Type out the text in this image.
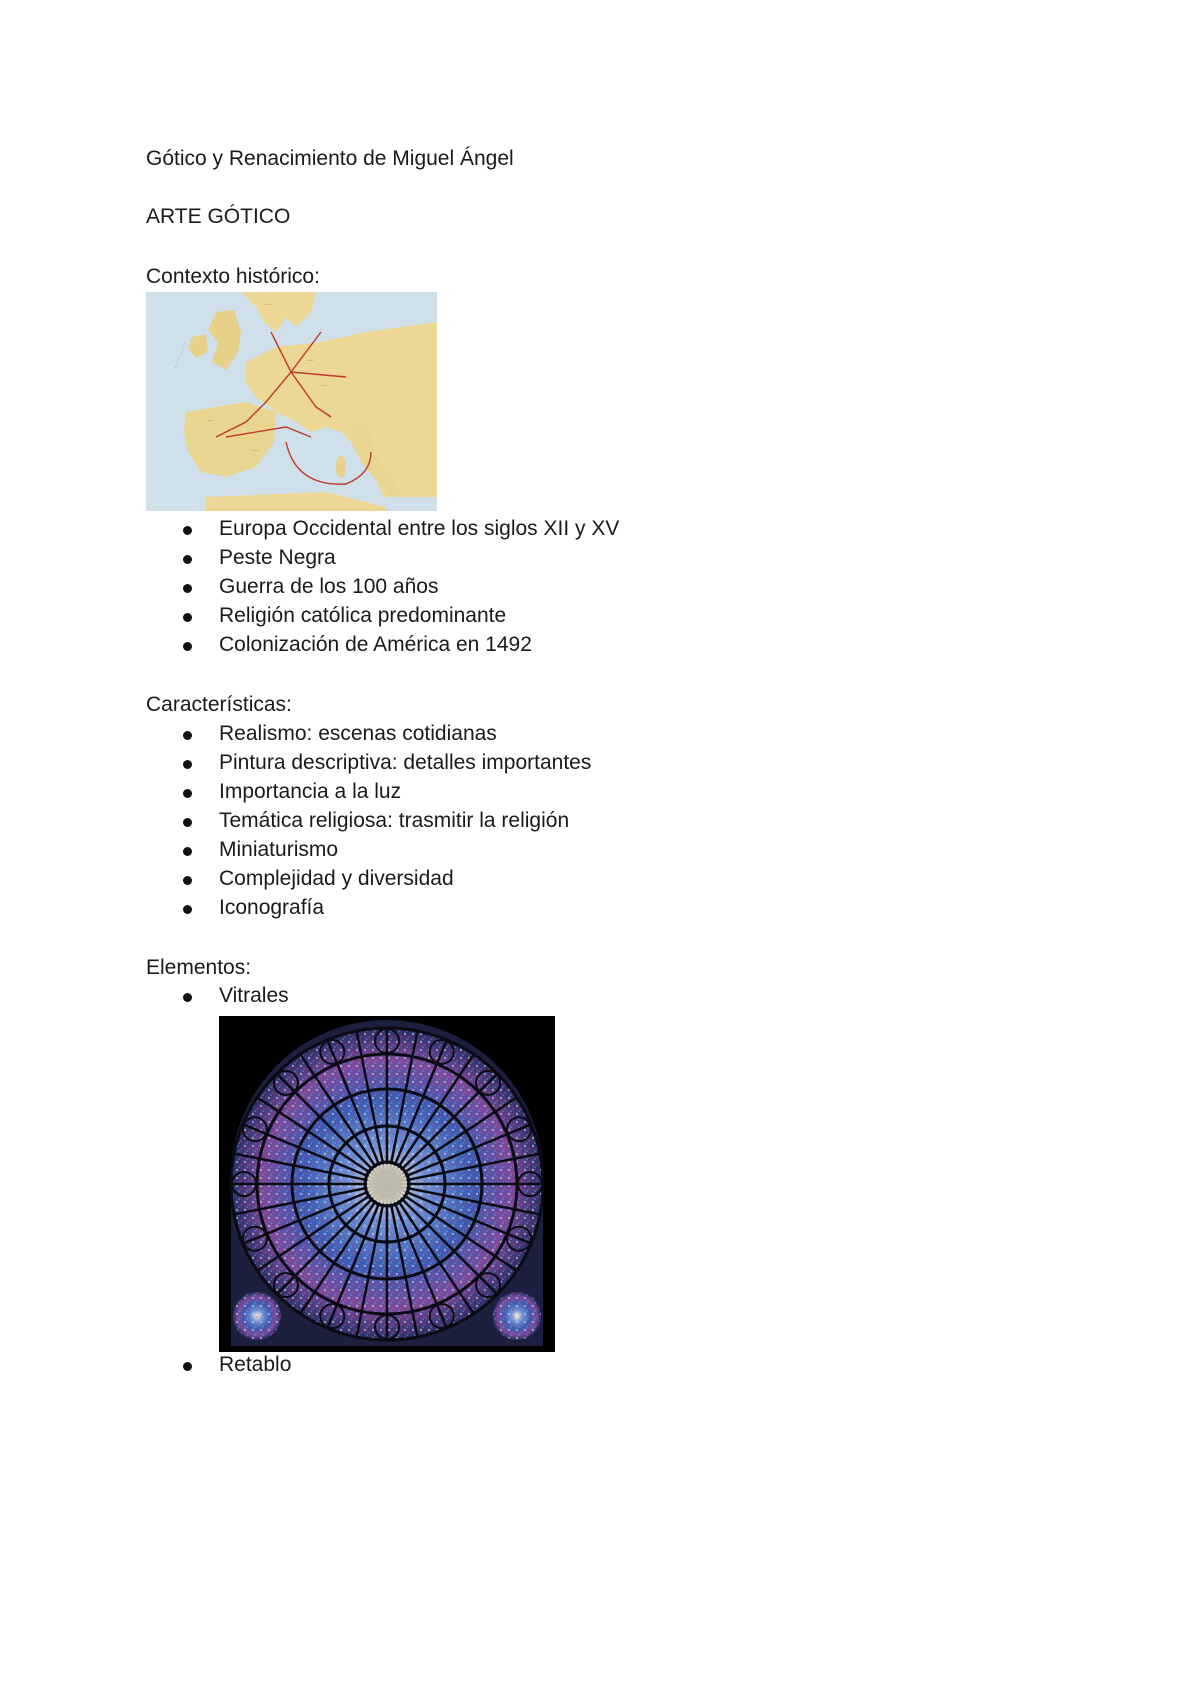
Gótico y Renacimiento de Miguel Ángel
ARTE GÓTICO
Contexto histórico:
·····
·····
····
····
·····
· · · · · · · · · ·
Europa Occidental entre los siglos XII y XV
Peste Negra
Guerra de los 100 años
Religión católica predominante
Colonización de América en 1492
Características:
Realismo: escenas cotidianas
Pintura descriptiva: detalles importantes
Importancia a la luz
Temática religiosa: trasmitir la religión
Miniaturismo
Complejidad y diversidad
Iconografía
Elementos:
Vitrales
Retablo
